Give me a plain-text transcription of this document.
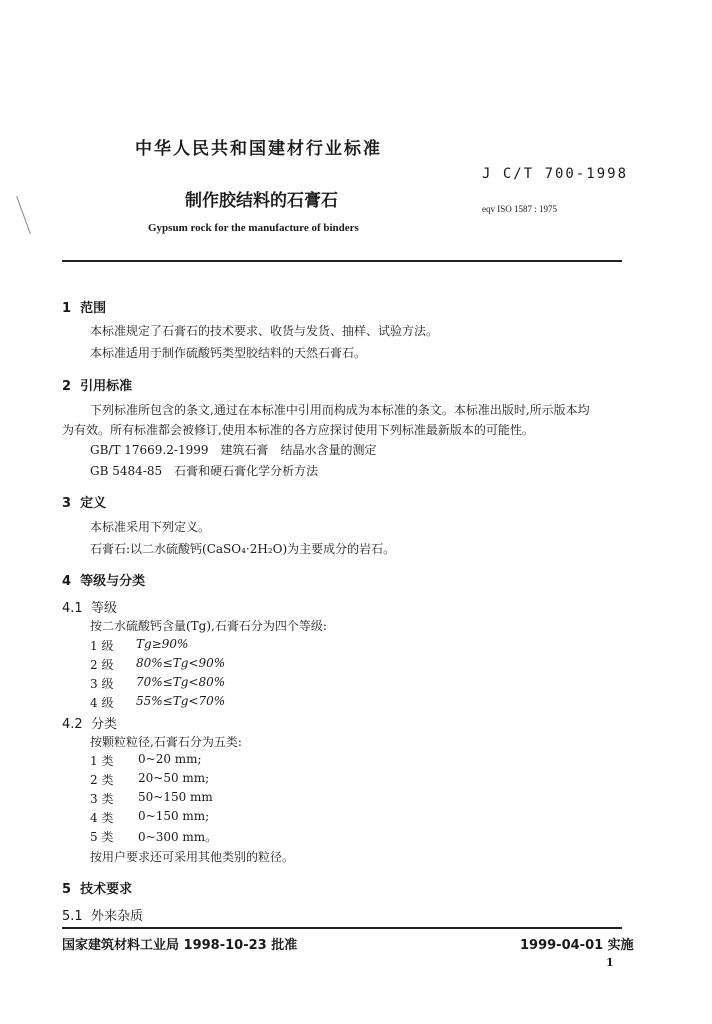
中华人民共和国建材行业标准
J C/T 700-1998
制作胶结料的石膏石	eqv ISO 1587 : 1975
Gypsum rock for the manufacture of binders
1 范围
本标准规定了石膏石的技术要求、收货与发货、抽样、试验方法。
本标准适用于制作硫酸钙类型胶结料的天然石膏石。
2 引用标准
下列标准所包含的条文,通过在本标准中引用而构成为本标准的条文。本标准出版时,所示版本均
为有效。所有标准都会被修订,使用本标准的各方应探讨使用下列标准最新版本的可能性。
GB/T 17669.2-1999　建筑石膏　结晶水含量的测定
GB 5484-85　石膏和硬石膏化学分析方法
3 定义
本标准采用下列定义。
石膏石:以二水硫酸钙(CaSO₄·2H₂O)为主要成分的岩石。
4 等级与分类
4.1 等级
按二水硫酸钙含量(Tg),石膏石分为四个等级:
1 级 Tg≥90%
2 级 80%≤Tg<90%
3 级 70%≤Tg<80%
4 级 55%≤Tg<70%
4.2 分类
按颗粒粒径,石膏石分为五类:
1 类 0~20 mm;
2 类 20~50 mm;
3 类 50~150 mm
4 类 0~150 mm;
5 类 0~300 mm。
按用户要求还可采用其他类别的粒径。
5 技术要求
5.1 外来杂质
国家建筑材料工业局 1998-10-23 批准	1999-04-01 实施
1
